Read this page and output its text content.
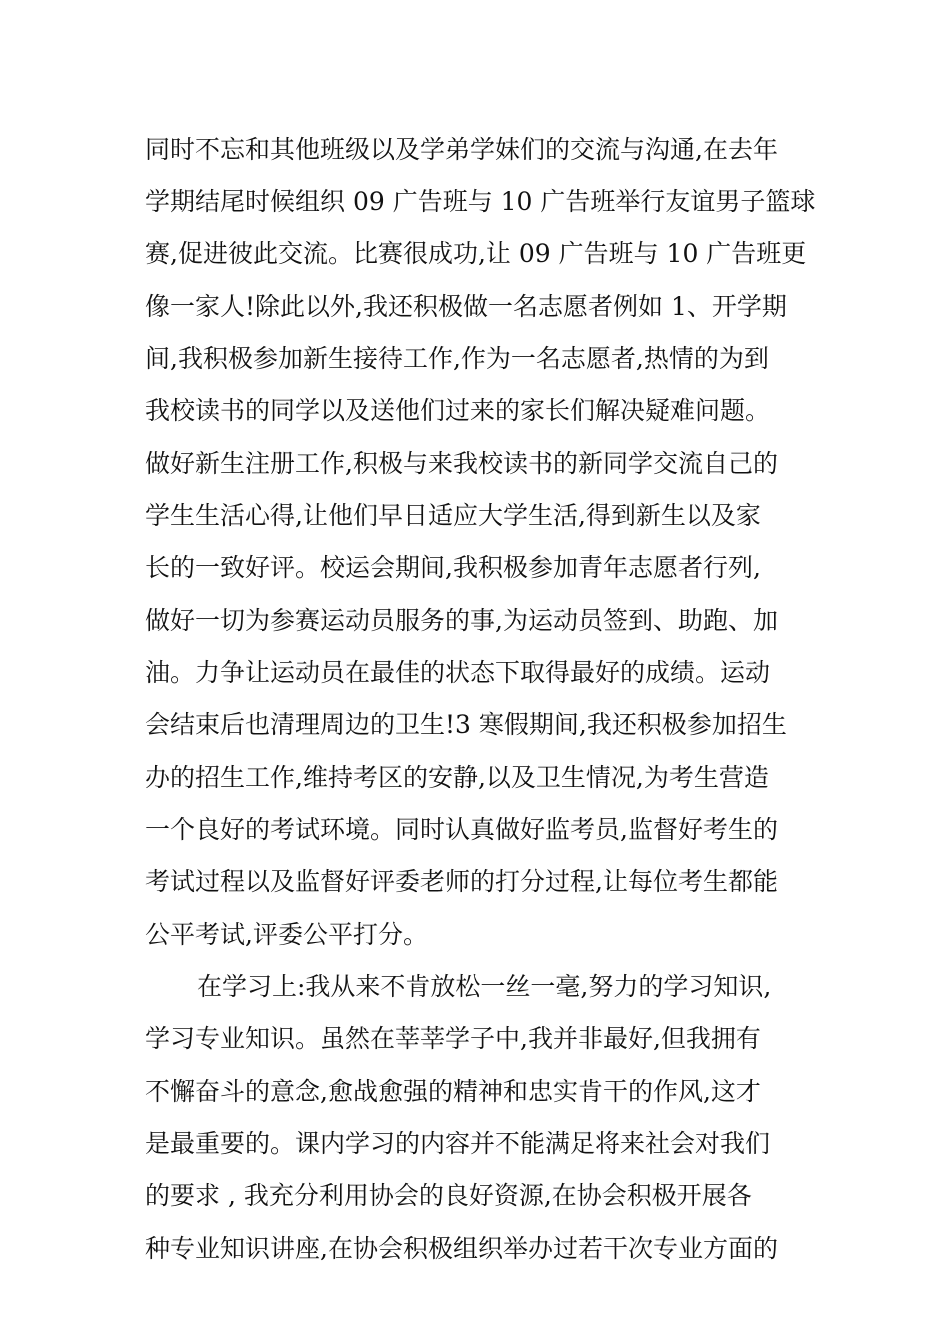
同时不忘和其他班级以及学弟学妹们的交流与沟通,在去年
学期结尾时候组织 09 广告班与 10 广告班举行友谊男子篮球
赛,促进彼此交流。比赛很成功,让 09 广告班与 10 广告班更
像一家人!除此以外,我还积极做一名志愿者例如 1、开学期
间,我积极参加新生接待工作,作为一名志愿者,热情的为到
我校读书的同学以及送他们过来的家长们解决疑难问题。
做好新生注册工作,积极与来我校读书的新同学交流自己的
学生生活心得,让他们早日适应大学生活,得到新生以及家
长的一致好评。校运会期间,我积极参加青年志愿者行列,
做好一切为参赛运动员服务的事,为运动员签到、助跑、加
油。力争让运动员在最佳的状态下取得最好的成绩。运动
会结束后也清理周边的卫生!3 寒假期间,我还积极参加招生
办的招生工作,维持考区的安静,以及卫生情况,为考生营造
一个良好的考试环境。同时认真做好监考员,监督好考生的
考试过程以及监督好评委老师的打分过程,让每位考生都能
公平考试,评委公平打分。
在学习上:我从来不肯放松一丝一毫,努力的学习知识,
学习专业知识。虽然在莘莘学子中,我并非最好,但我拥有
不懈奋斗的意念,愈战愈强的精神和忠实肯干的作风,这才
是最重要的。课内学习的内容并不能满足将来社会对我们
的要求 , 我充分利用协会的良好资源,在协会积极开展各
种专业知识讲座,在协会积极组织举办过若干次专业方面的
